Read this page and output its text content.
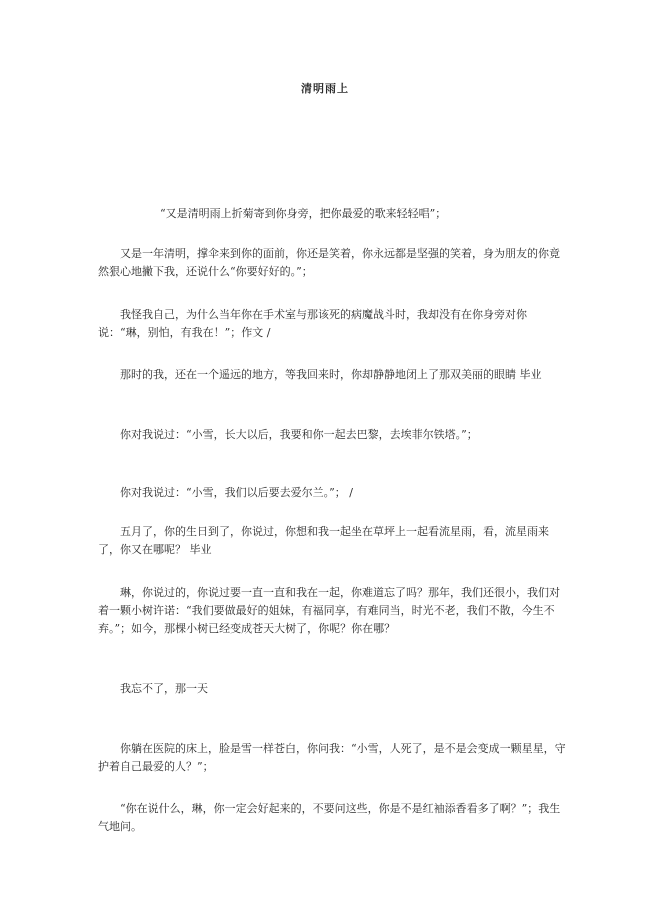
清明雨上

“又是清明雨上折菊寄到你身旁，把你最爱的歌来轻轻唱”；

又是一年清明，撑伞来到你的面前，你还是笑着，你永远都是坚强的笑着，身为朋友的你竟然狠心地撇下我，还说什么“你要好好的。”；

我怪我自己，为什么当年你在手术室与那该死的病魔战斗时，我却没有在你身旁对你说：“琳，别怕，有我在！”；作文 /

那时的我，还在一个遥远的地方，等我回来时，你却静静地闭上了那双美丽的眼睛 毕业

你对我说过：“小雪，长大以后，我要和你一起去巴黎，去埃菲尔铁塔。”；

你对我说过：“小雪，我们以后要去爱尔兰。”； /

五月了，你的生日到了，你说过，你想和我一起坐在草坪上一起看流星雨，看，流星雨来了，你又在哪呢？ 毕业

琳，你说过的，你说过要一直一直和我在一起，你难道忘了吗？那年，我们还很小，我们对着一颗小树许诺：“我们要做最好的姐妹，有福同享，有难同当，时光不老，我们不散，今生不弃。”；如今，那棵小树已经变成苍天大树了，你呢？你在哪？

我忘不了，那一天

你躺在医院的床上，脸是雪一样苍白，你问我：“小雪，人死了，是不是会变成一颗星星，守护着自己最爱的人？”；

“你在说什么，琳，你一定会好起来的，不要问这些，你是不是红袖添香看多了啊？”；我生气地问。
